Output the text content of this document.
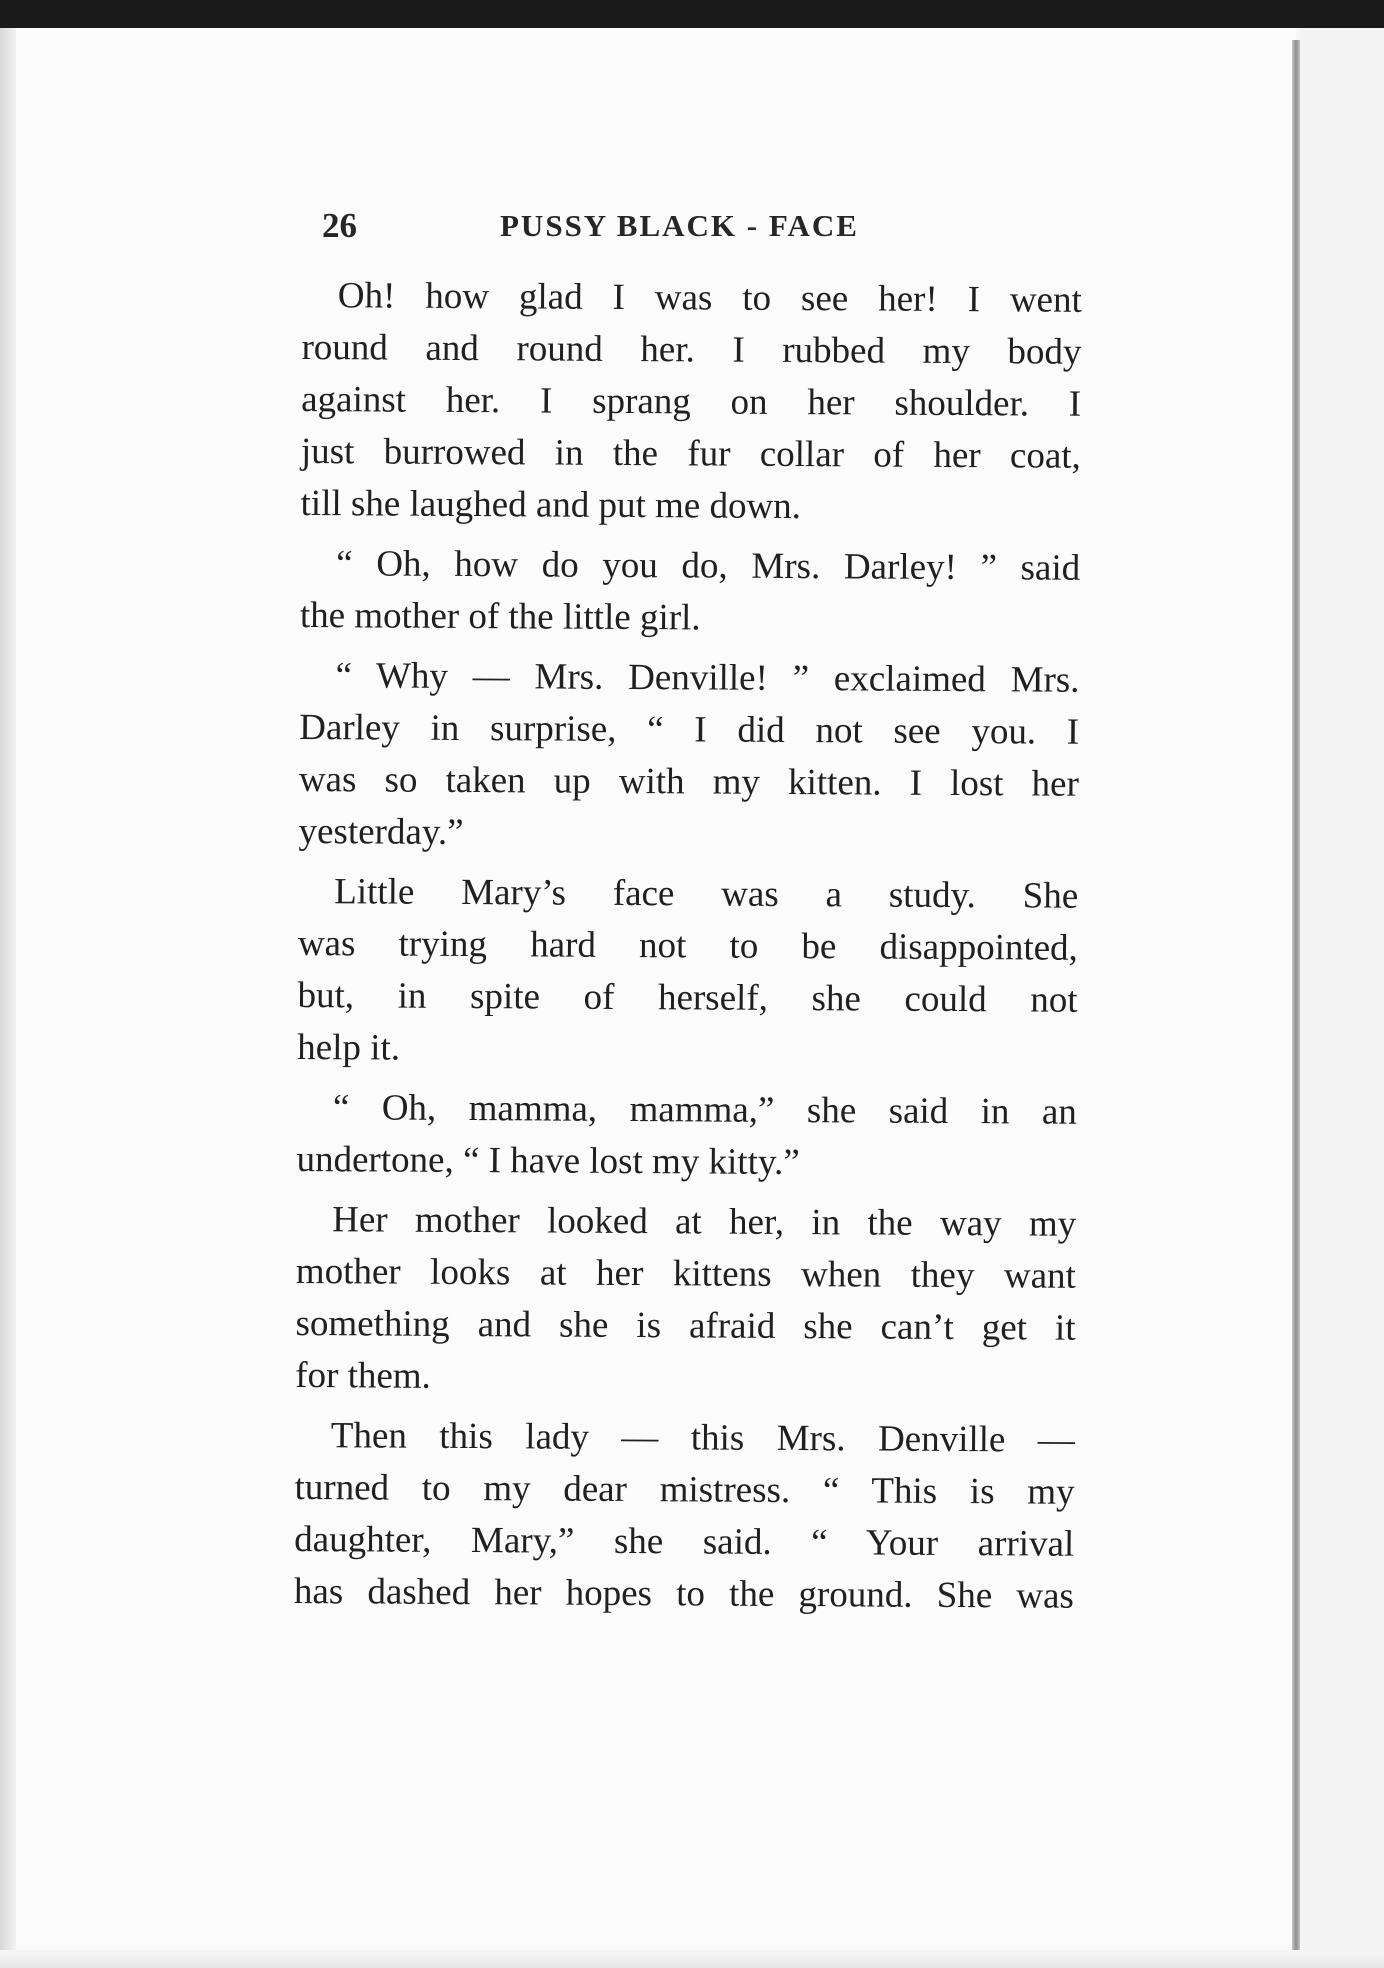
26	PUSSY BLACK - FACE

Oh! how glad I was to see her! I went
round and round her. I rubbed my body
against her. I sprang on her shoulder. I
just burrowed in the fur collar of her coat,
till she laughed and put me down.

“ Oh, how do you do, Mrs. Darley! ” said
the mother of the little girl.

“ Why — Mrs. Denville! ” exclaimed Mrs.
Darley in surprise, “ I did not see you. I
was so taken up with my kitten. I lost her
yesterday.”

Little Mary’s face was a study. She
was trying hard not to be disappointed,
but, in spite of herself, she could not
help it.

“ Oh, mamma, mamma,” she said in an
undertone, “ I have lost my kitty.”

Her mother looked at her, in the way my
mother looks at her kittens when they want
something and she is afraid she can’t get it
for them.

Then this lady — this Mrs. Denville —
turned to my dear mistress. “ This is my
daughter, Mary,” she said. “ Your arrival
has dashed her hopes to the ground. She was
